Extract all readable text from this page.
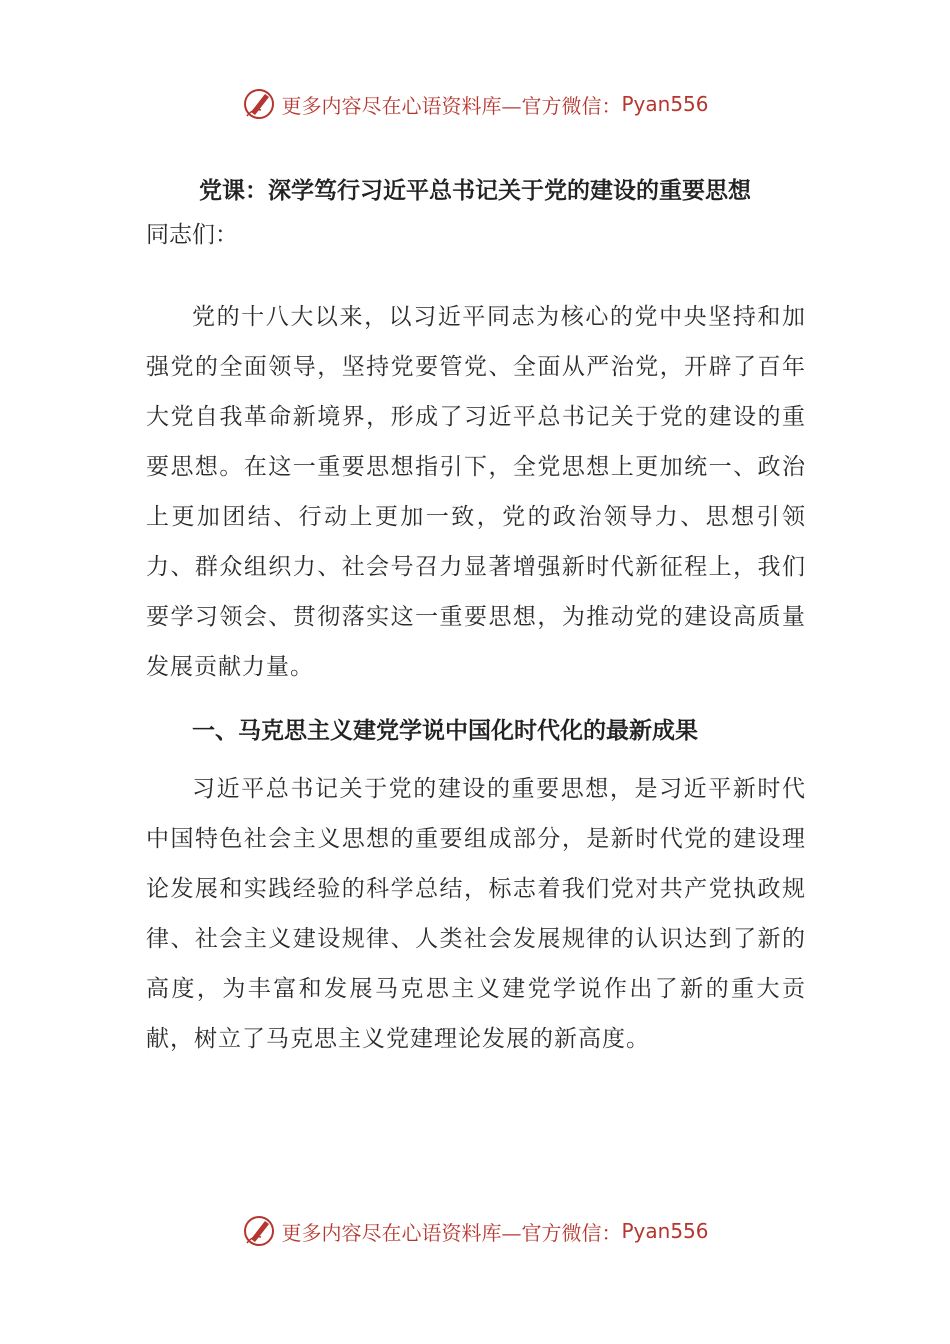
更多内容尽在心语资料库—官方微信： Pyan556
党课：深学笃行习近平总书记关于党的建设的重要思想
同志们：

党的十八大以来，以习近平同志为核心的党中央坚持和加强党的全面领导，坚持党要管党、全面从严治党，开辟了百年大党自我革命新境界，形成了习近平总书记关于党的建设的重要思想。在这一重要思想指引下，全党思想上更加统一、政治上更加团结、行动上更加一致，党的政治领导力、思想引领力、群众组织力、社会号召力显著增强新时代新征程上，我们要学习领会、贯彻落实这一重要思想，为推动党的建设高质量发展贡献力量。

一、马克思主义建党学说中国化时代化的最新成果

习近平总书记关于党的建设的重要思想，是习近平新时代中国特色社会主义思想的重要组成部分，是新时代党的建设理论发展和实践经验的科学总结，标志着我们党对共产党执政规律、社会主义建设规律、人类社会发展规律的认识达到了新的高度，为丰富和发展马克思主义建党学说作出了新的重大贡献，树立了马克思主义党建理论发展的新高度。

更多内容尽在心语资料库—官方微信： Pyan556
